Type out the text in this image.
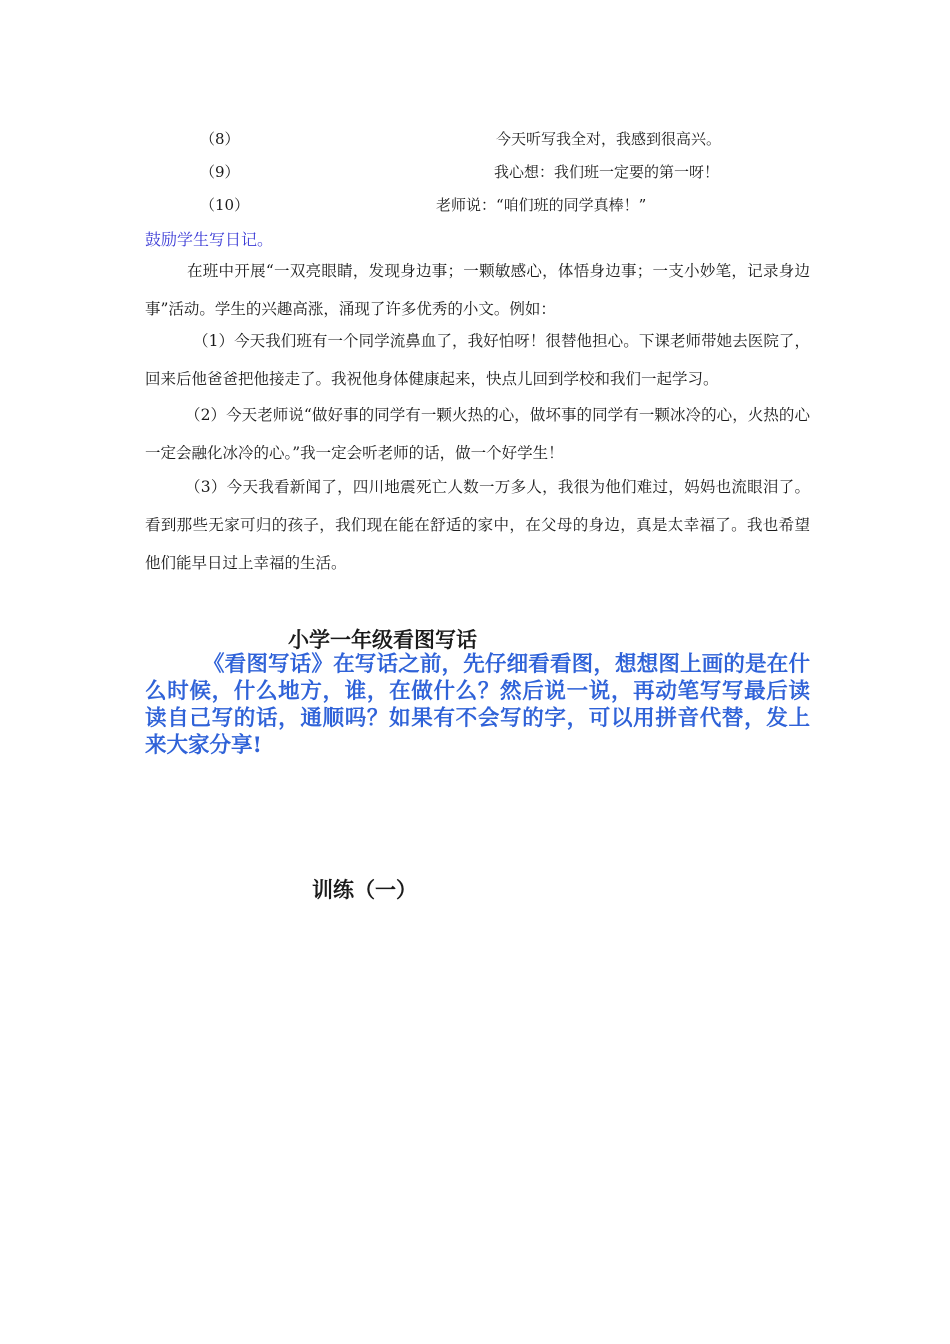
（8）	今天听写我全对，我感到很高兴。
（9）	我心想：我们班一定要的第一呀！
（10）	老师说：“咱们班的同学真棒！”
鼓励学生写日记。

在班中开展“一双亮眼睛，发现身边事；一颗敏感心，体悟身边事；一支小妙笔，记录身边事”活动。学生的兴趣高涨，涌现了许多优秀的小文。例如：

（1）今天我们班有一个同学流鼻血了，我好怕呀！很替他担心。下课老师带她去医院了，回来后他爸爸把他接走了。我祝他身体健康起来，快点儿回到学校和我们一起学习。

（2）今天老师说“做好事的同学有一颗火热的心，做坏事的同学有一颗冰冷的心，火热的心一定会融化冰冷的心。”我一定会听老师的话，做一个好学生！

（3）今天我看新闻了，四川地震死亡人数一万多人，我很为他们难过，妈妈也流眼泪了。看到那些无家可归的孩子，我们现在能在舒适的家中，在父母的身边，真是太幸福了。我也希望他们能早日过上幸福的生活。

小学一年级看图写话

《看图写话》在写话之前，先仔细看看图，想想图上画的是在什么时候，什么地方，谁，在做什么？然后说一说，再动笔写写最后读读自己写的话，通顺吗？如果有不会写的字，可以用拼音代替，发上来大家分享!

训练（一）
